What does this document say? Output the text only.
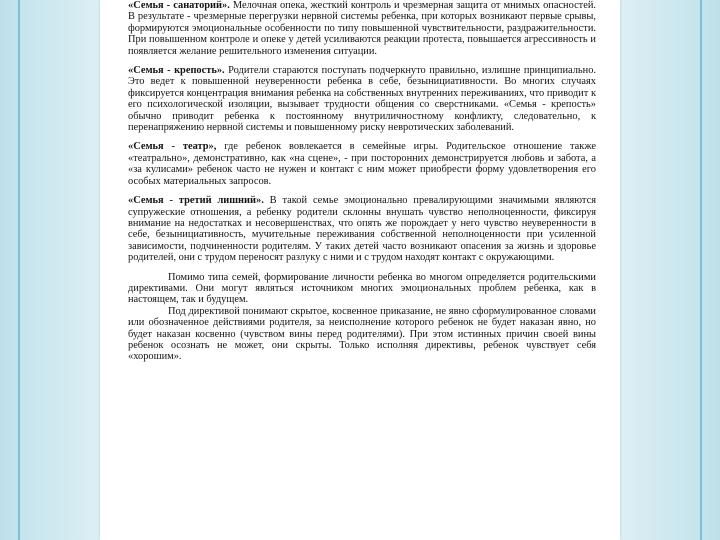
«Семья - санаторий». Мелочная опека, жесткий контроль и чрезмерная защита от мнимых опасностей. В результате - чрезмерные перегрузки нервной системы ребенка, при которых возникают первые срывы, формируются эмоциональные особенности по типу повышенной чувствительности, раздражительности. При повышенном контроле и опеке у детей усиливаются реакции протеста, повышается агрессивность и появляется желание решительного изменения ситуации.

«Семья - крепость». Родители стараются поступать подчеркнуто правильно, излишне принципиально. Это ведет к повышенной неуверенности ребенка в себе, безынициативности. Во многих случаях фиксируется концентрация внимания ребенка на собственных внутренних переживаниях, что приводит к его психологической изоляции, вызывает трудности общения со сверстниками. «Семья - крепость» обычно приводит ребенка к постоянному внутриличностному конфликту, следовательно, к перенапряжению нервной системы и повышенному риску невротических заболеваний.

«Семья - театр», где ребенок вовлекается в семейные игры. Родительское отношение также «театрально», демонстративно, как «на сцене», - при посторонних демонстрируется любовь и забота, а «за кулисами» ребенок часто не нужен и контакт с ним может приобрести форму удовлетворения его особых материальных запросов.

«Семья - третий лишний». В такой семье эмоционально превалирующими значимыми являются супружеские отношения, а ребенку родители склонны внушать чувство неполноценности, фиксируя внимание на недостатках и несовершенствах, что опять же порождает у него чувство неуверенности в себе, безынициативность, мучительные переживания собственной неполноценности при усиленной зависимости, подчиненности родителям. У таких детей часто возникают опасения за жизнь и здоровье родителей, они с трудом переносят разлуку с ними и с трудом находят контакт с окружающими.

Помимо типа семей, формирование личности ребенка во многом определяется родительскими директивами. Они могут являться источником многих эмоциональных проблем ребенка, как в настоящем, так и будущем.
Под директивой понимают скрытое, косвенное приказание, не явно сформулированное словами или обозначенное действиями родителя, за неисполнение которого ребенок не будет наказан явно, но будет наказан косвенно (чувством вины перед родителями). При этом истинных причин своей вины ребенок осознать не может, они скрыты. Только исполняя директивы, ребенок чувствует себя «хорошим».
